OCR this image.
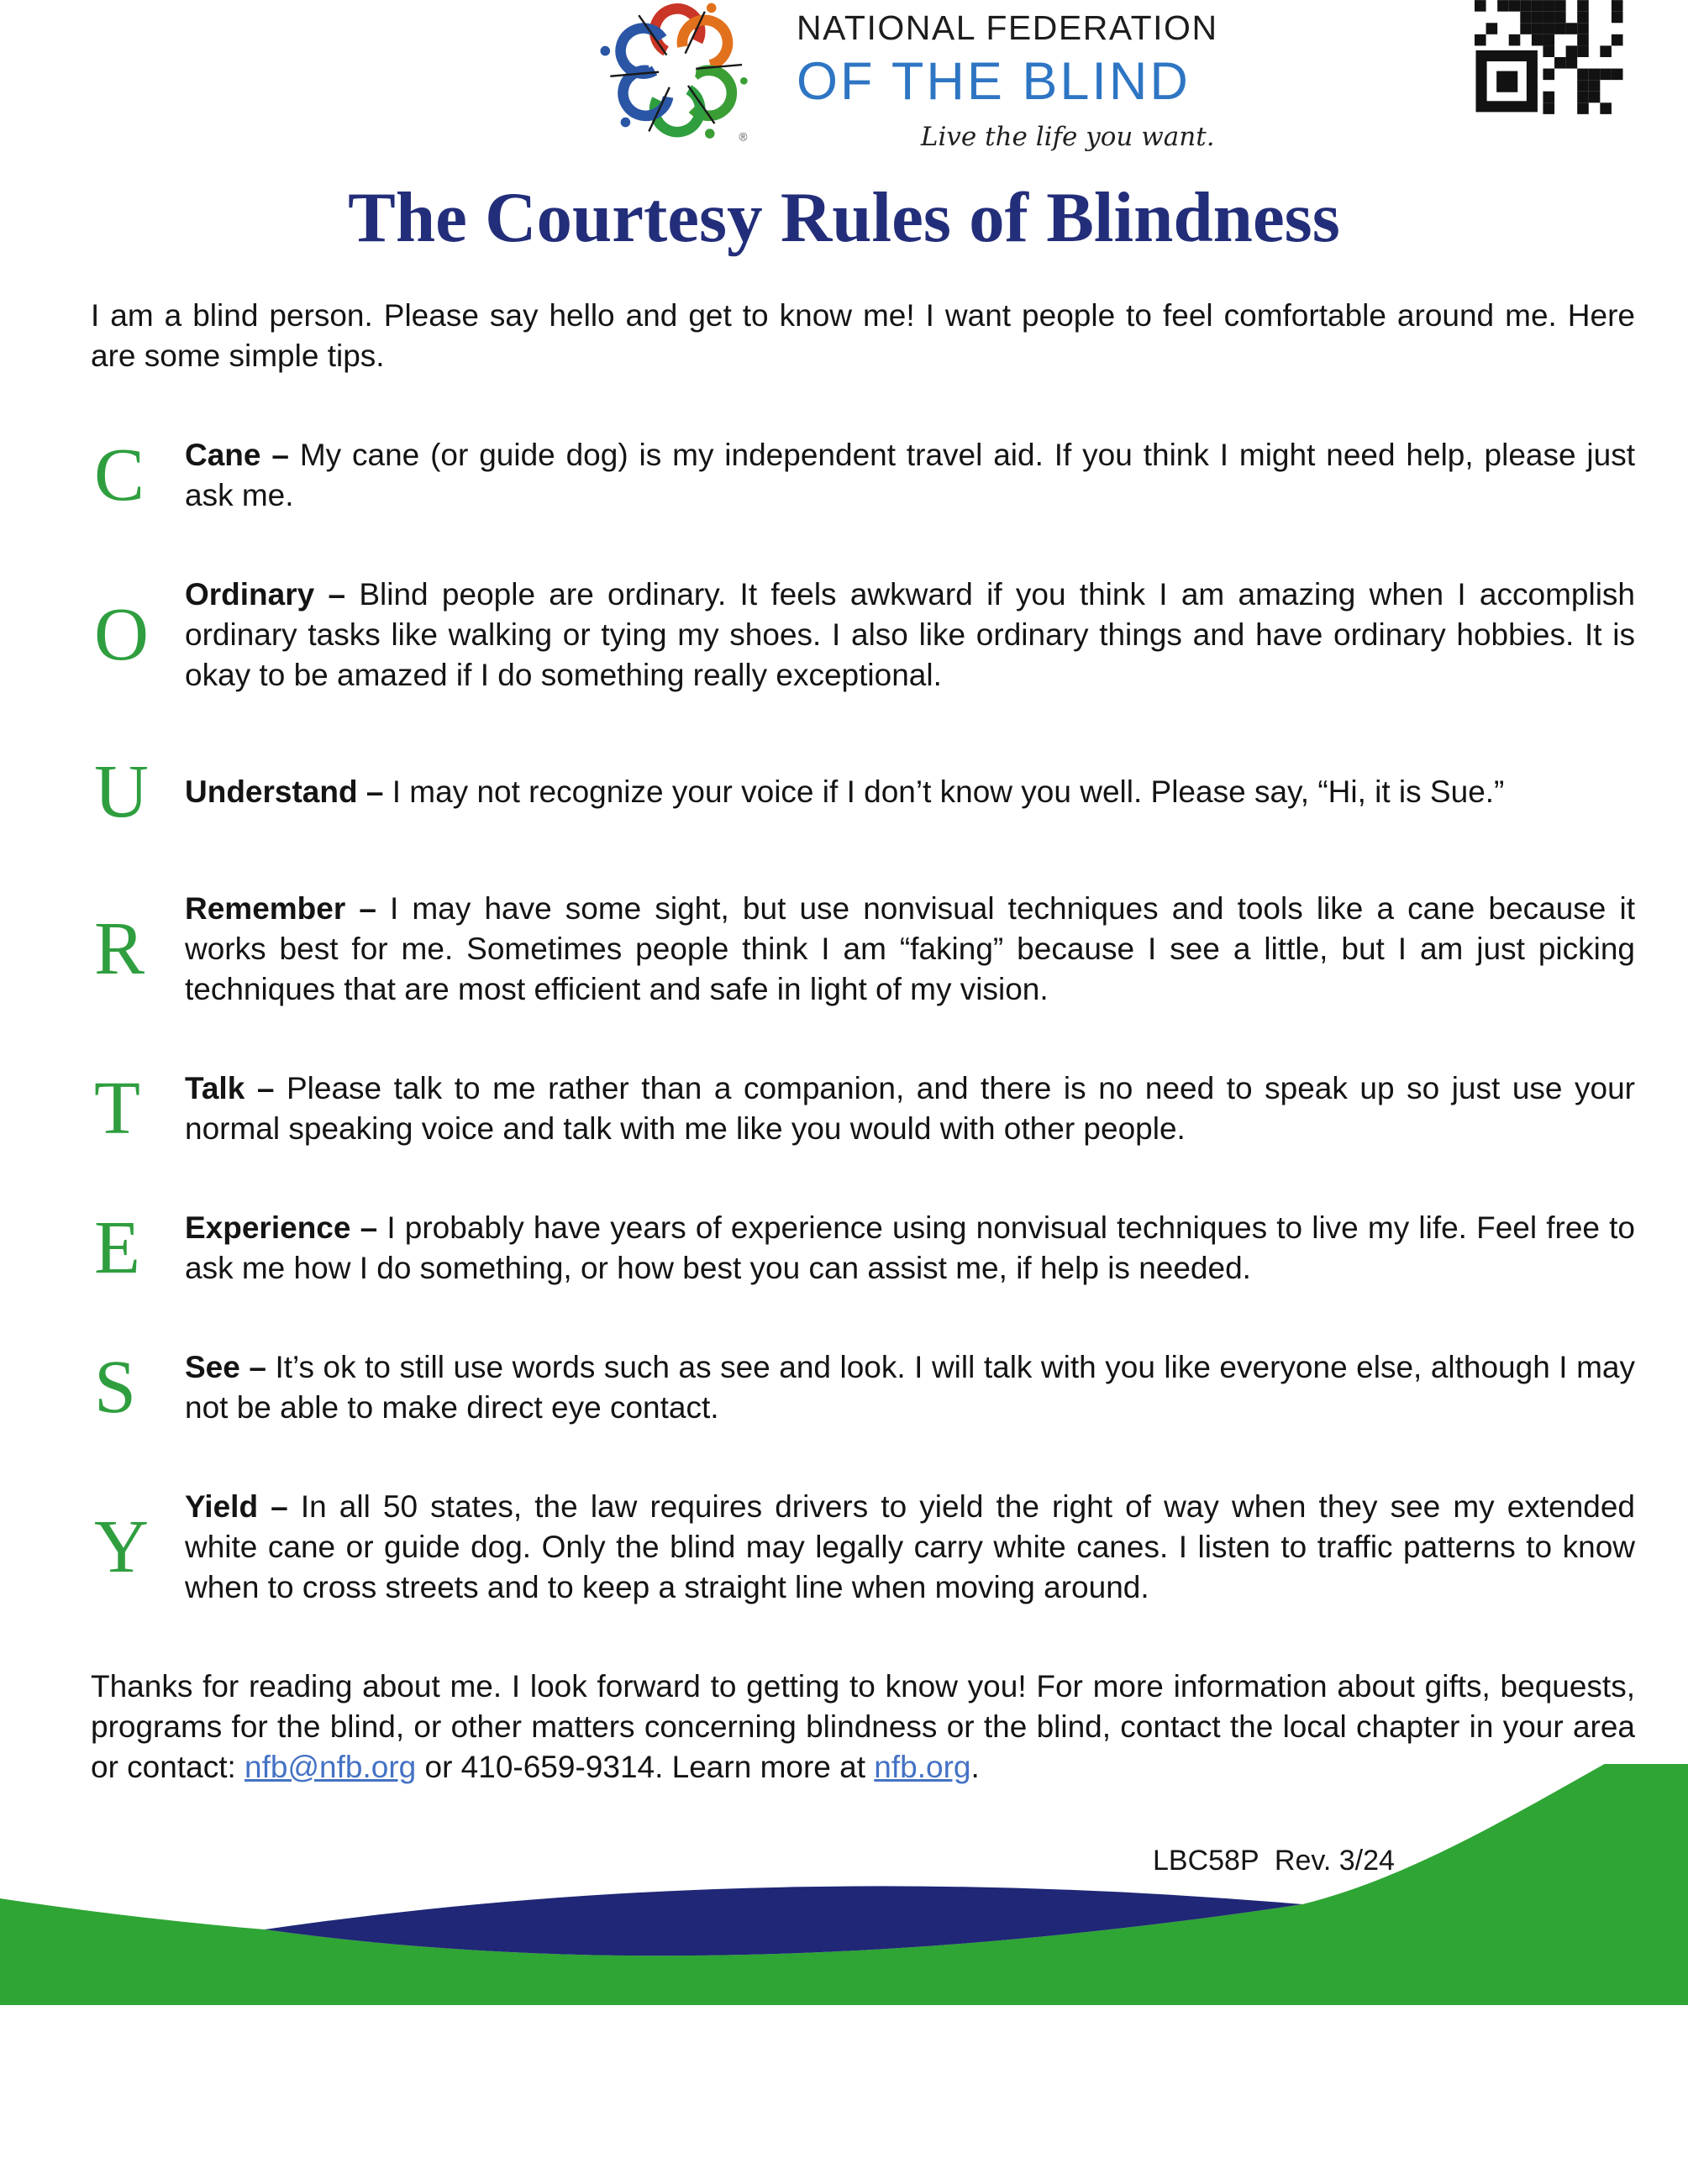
®
NATIONAL FEDERATION
OF THE BLIND
Live the life you want.
The Courtesy Rules of Blindness

I am a blind person. Please say hello and get to know me! I want people to feel comfortable around me. Here are some simple tips.

C	Cane – My cane (or guide dog) is my independent travel aid. If you think I might need help, please just ask me.
O	Ordinary – Blind people are ordinary. It feels awkward if you think I am amazing when I accomplish ordinary tasks like walking or tying my shoes. I also like ordinary things and have ordinary hobbies. It is okay to be amazed if I do something really exceptional.
U	Understand – I may not recognize your voice if I don’t know you well. Please say, “Hi, it is Sue.”
R	Remember – I may have some sight, but use nonvisual techniques and tools like a cane because it works best for me. Sometimes people think I am “faking” because I see a little, but I am just picking techniques that are most efficient and safe in light of my vision.
T	Talk – Please talk to me rather than a companion, and there is no need to speak up so just use your normal speaking voice and talk with me like you would with other people.
E	Experience – I probably have years of experience using nonvisual techniques to live my life. Feel free to ask me how I do something, or how best you can assist me, if help is needed.
S	See – It’s ok to still use words such as see and look. I will talk with you like everyone else, although I may not be able to make direct eye contact.
Y	Yield – In all 50 states, the law requires drivers to yield the right of way when they see my extended white cane or guide dog. Only the blind may legally carry white canes. I listen to traffic patterns to know when to cross streets and to keep a straight line when moving around.

Thanks for reading about me. I look forward to getting to know you! For more information about gifts, bequests, programs for the blind, or other matters concerning blindness or the blind, contact the local chapter in your area or contact: nfb@nfb.org or 410-659-9314. Learn more at nfb.org.

LBC58P  Rev. 3/24
